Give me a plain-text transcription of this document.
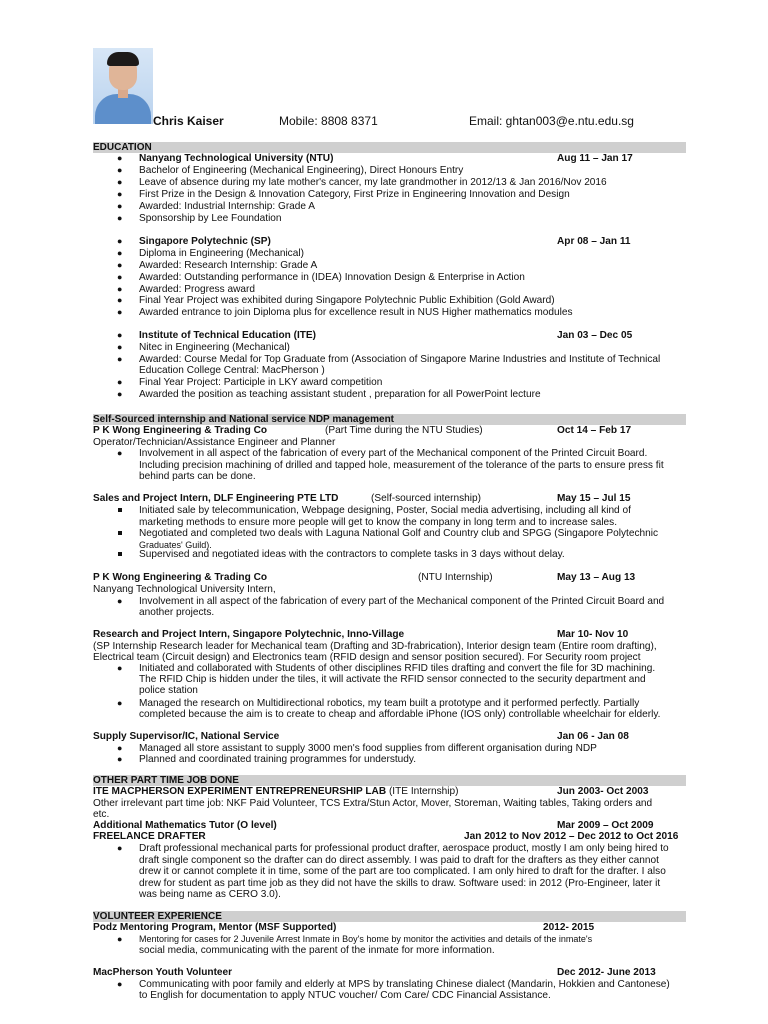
Chris Kaiser	Mobile: 8808 8371	Email: ghtan003@e.ntu.edu.sg
EDUCATION
● Nanyang Technological University (NTU)	Aug 11 – Jan 17
● Bachelor of Engineering (Mechanical Engineering), Direct Honours Entry
● Leave of absence during my late mother's cancer, my late grandmother in 2012/13 & Jan 2016/Nov 2016
● First Prize in the Design & Innovation Category, First Prize in Engineering Innovation and Design
● Awarded: Industrial Internship: Grade A
● Sponsorship by Lee Foundation
● Singapore Polytechnic (SP)	Apr 08 – Jan 11
● Diploma in Engineering (Mechanical)
● Awarded: Research Internship: Grade A
● Awarded: Outstanding performance in (IDEA) Innovation Design & Enterprise in Action
● Awarded: Progress award
● Final Year Project was exhibited during Singapore Polytechnic Public Exhibition (Gold Award)
● Awarded entrance to join Diploma plus for excellence result in NUS Higher mathematics modules
● Institute of Technical Education (ITE)	Jan 03 – Dec 05
● Nitec in Engineering (Mechanical)
● Awarded: Course Medal for Top Graduate from (Association of Singapore Marine Industries and Institute of Technical
Education College Central: MacPherson )
● Final Year Project: Participle in LKY award competition
● Awarded the position as teaching assistant student , preparation for all PowerPoint lecture
Self-Sourced internship and National service NDP management
P K Wong Engineering & Trading Co	(Part Time during the NTU Studies)	Oct 14 – Feb 17
Operator/Technician/Assistance Engineer and Planner
● Involvement in all aspect of the fabrication of every part of the Mechanical component of the Printed Circuit Board.
Including precision machining of drilled and tapped hole, measurement of the tolerance of the parts to ensure press fit
behind parts can be done.
Sales and Project Intern, DLF Engineering PTE LTD	(Self-sourced internship)	May 15 – Jul 15
Initiated sale by telecommunication, Webpage designing, Poster, Social media advertising, including all kind of
marketing methods to ensure more people will get to know the company in long term and to increase sales.
Negotiated and completed two deals with Laguna National Golf and Country club and SPGG (Singapore Polytechnic
Graduates' Guild).
Supervised and negotiated ideas with the contractors to complete tasks in 3 days without delay.
P K Wong Engineering & Trading Co	(NTU Internship)	May 13 – Aug 13
Nanyang Technological University Intern,
● Involvement in all aspect of the fabrication of every part of the Mechanical component of the Printed Circuit Board and
another projects.
Research and Project Intern, Singapore Polytechnic, Inno-Village	Mar 10- Nov 10
(SP Internship Research leader for Mechanical team (Drafting and 3D-frabrication), Interior design team (Entire room drafting),
Electrical team (Circuit design) and Electronics team (RFID design and sensor position secured). For Security room project
● Initiated and collaborated with Students of other disciplines RFID tiles drafting and convert the file for 3D machining.
The RFID Chip is hidden under the tiles, it will activate the RFID sensor connected to the security department and
police station
● Managed the research on Multidirectional robotics, my team built a prototype and it performed perfectly. Partially
completed because the aim is to create to cheap and affordable iPhone (IOS only) controllable wheelchair for elderly.
Supply Supervisor/IC, National Service	Jan 06 - Jan 08
● Managed all store assistant to supply 3000 men's food supplies from different organisation during NDP
● Planned and coordinated training programmes for understudy.
OTHER PART TIME JOB DONE
ITE MACPHERSON EXPERIMENT ENTREPRENEURSHIP LAB (ITE Internship)	Jun 2003- Oct 2003
Other irrelevant part time job: NKF Paid Volunteer, TCS Extra/Stun Actor, Mover, Storeman, Waiting tables, Taking orders and
etc.
Additional Mathematics Tutor (O level)	Mar 2009 – Oct 2009
FREELANCE DRAFTER	Jan 2012 to Nov 2012 – Dec 2012 to Oct 2016
● Draft professional mechanical parts for professional product drafter, aerospace product, mostly I am only being hired to
draft single component so the drafter can do direct assembly. I was paid to draft for the drafters as they either cannot
drew it or cannot complete it in time, some of the part are too complicated. I am only hired to draft for the drafter. I also
drew for student as part time job as they did not have the skills to draw. Software used: in 2012 (Pro-Engineer, later it
was being name as CERO 3.0).
VOLUNTEER EXPERIENCE
Podz Mentoring Program, Mentor (MSF Supported)	2012- 2015
● Mentoring for cases for 2 Juvenile Arrest Inmate in Boy's home by monitor the activities and details of the inmate's
social media, communicating with the parent of the inmate for more information.
MacPherson Youth Volunteer	Dec 2012- June 2013
● Communicating with poor family and elderly at MPS by translating Chinese dialect (Mandarin, Hokkien and Cantonese)
to English for documentation to apply NTUC voucher/ Com Care/ CDC Financial Assistance.
